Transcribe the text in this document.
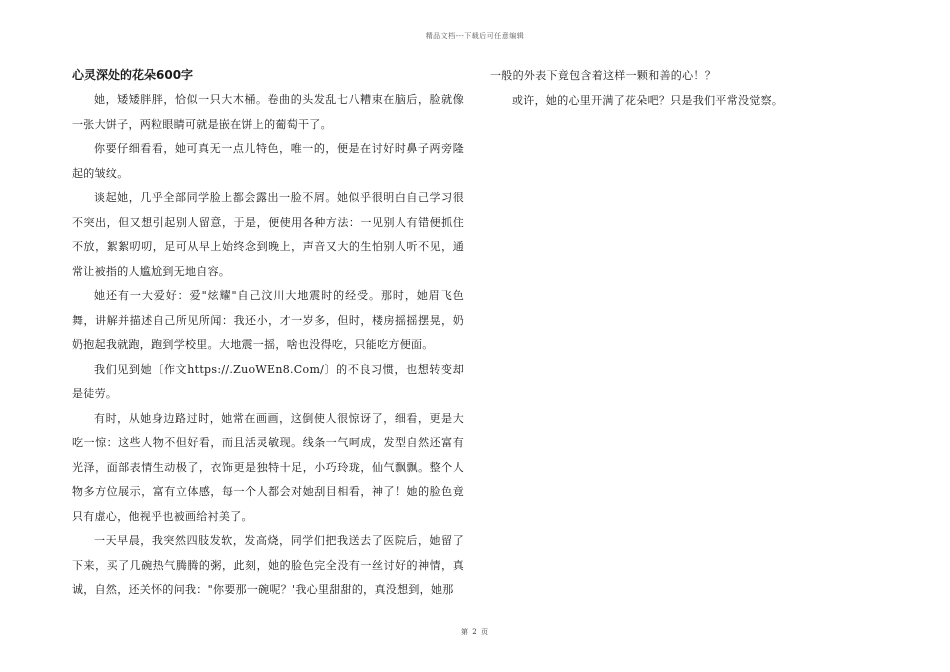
精品文档---下载后可任意编辑
心灵深处的花朵600字

她，矮矮胖胖，恰似一只大木桶。卷曲的头发乱七八糟束在脑后，脸就像一张大饼子，两粒眼睛可就是嵌在饼上的葡萄干了。

你要仔细看看，她可真无一点儿特色，唯一的，便是在讨好时鼻子两旁隆起的皱纹。

谈起她，几乎全部同学脸上都会露出一脸不屑。她似乎很明白自己学习很不突出，但又想引起别人留意，于是，便使用各种方法：一见别人有错便抓住不放，絮絮叨叨，足可从早上始终念到晚上，声音又大的生怕别人听不见，通常让被指的人尴尬到无地自容。

她还有一大爱好：爱"炫耀"自己汶川大地震时的经受。那时，她眉飞色舞，讲解并描述自己所见所闻：我还小，才一岁多，但时，楼房摇摇摆晃，奶奶抱起我就跑，跑到学校里。大地震一摇，啥也没得吃，只能吃方便面。

我们见到她〔作文https://.ZuoWEn8.Com/〕的不良习惯，也想转变却是徒劳。

有时，从她身边路过时，她常在画画，这倒使人很惊讶了，细看，更是大吃一惊：这些人物不但好看，而且活灵敏现。线条一气呵成，发型自然还富有光泽，面部表情生动极了，衣饰更是独特十足，小巧玲珑，仙气飘飘。整个人物多方位展示，富有立体感，每一个人都会对她刮目相看，神了！她的脸色竟只有虚心，他视乎也被画给衬美了。

一天早晨，我突然四肢发软，发高烧，同学们把我送去了医院后，她留了下来，买了几碗热气腾腾的粥，此刻，她的脸色完全没有一丝讨好的神情，真诚，自然，还关怀的问我："你要那一碗呢？'我心里甜甜的，真没想到，她那

一般的外表下竟包含着这样一颗和善的心！？

或许，她的心里开满了花朵吧？只是我们平常没觉察。

第 2 页
